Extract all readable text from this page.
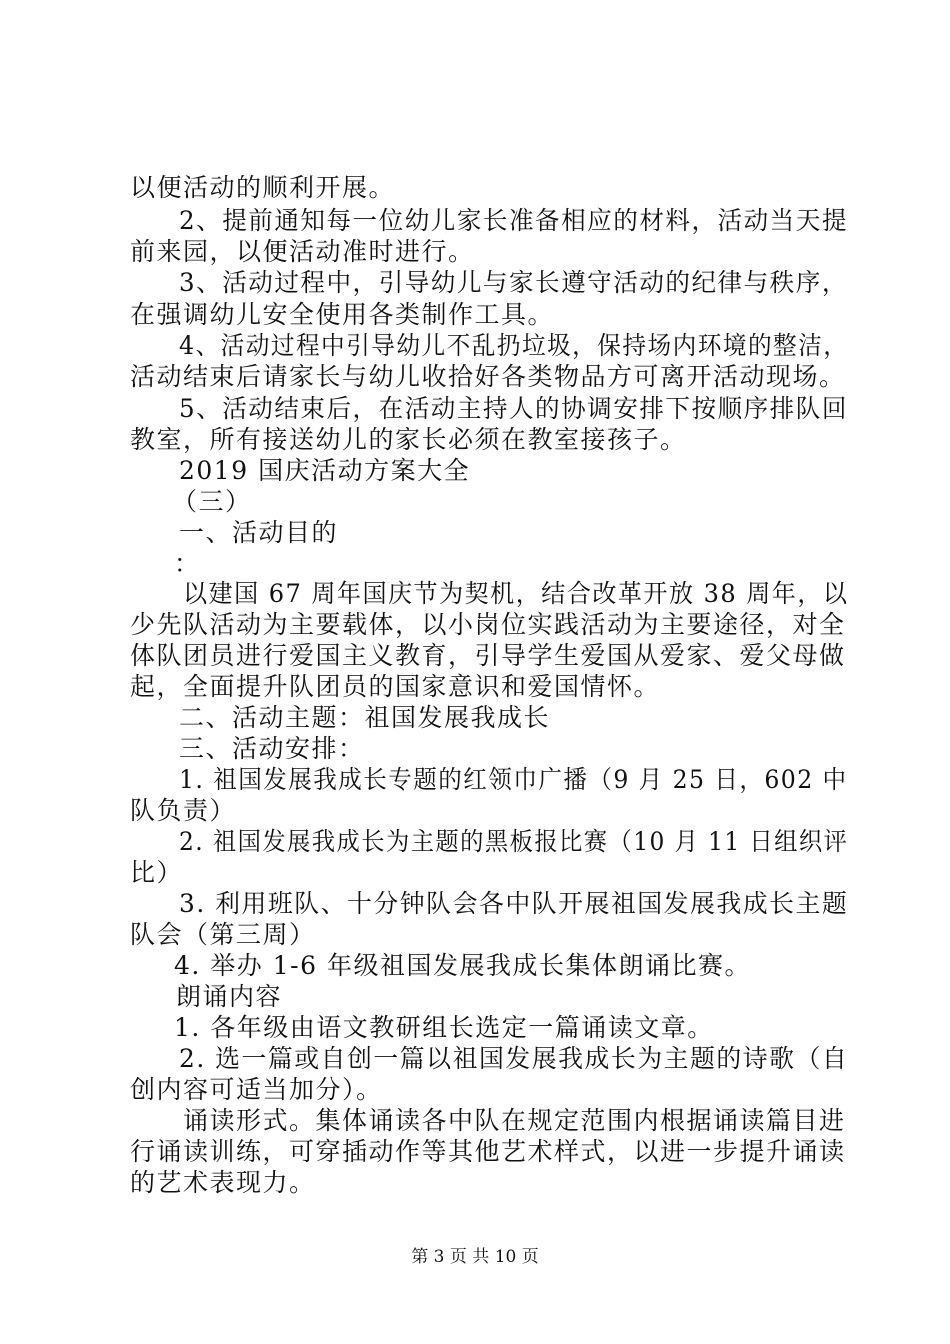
以便活动的顺利开展。
2、提前通知每一位幼儿家长准备相应的材料，活动当天提
前来园，以便活动准时进行。
3、活动过程中，引导幼儿与家长遵守活动的纪律与秩序，
在强调幼儿安全使用各类制作工具。
4、活动过程中引导幼儿不乱扔垃圾，保持场内环境的整洁，
活动结束后请家长与幼儿收拾好各类物品方可离开活动现场。
5、活动结束后，在活动主持人的协调安排下按顺序排队回
教室，所有接送幼儿的家长必须在教室接孩子。
2019 国庆活动方案大全
（三）
一、活动目的
：
以建国 67 周年国庆节为契机，结合改革开放 38 周年，以
少先队活动为主要载体，以小岗位实践活动为主要途径，对全
体队团员进行爱国主义教育，引导学生爱国从爱家、爱父母做
起，全面提升队团员的国家意识和爱国情怀。
二、活动主题：祖国发展我成长
三、活动安排：
1. 祖国发展我成长专题的红领巾广播（9 月 25 日，602 中
队负责）
2. 祖国发展我成长为主题的黑板报比赛（10 月 11 日组织评
比）
3. 利用班队、十分钟队会各中队开展祖国发展我成长主题
队会（第三周）
4. 举办 1-6 年级祖国发展我成长集体朗诵比赛。
朗诵内容
1. 各年级由语文教研组长选定一篇诵读文章。
2. 选一篇或自创一篇以祖国发展我成长为主题的诗歌（自
创内容可适当加分）。
诵读形式。集体诵读各中队在规定范围内根据诵读篇目进
行诵读训练，可穿插动作等其他艺术样式，以进一步提升诵读
的艺术表现力。
第 3 页 共 10 页
